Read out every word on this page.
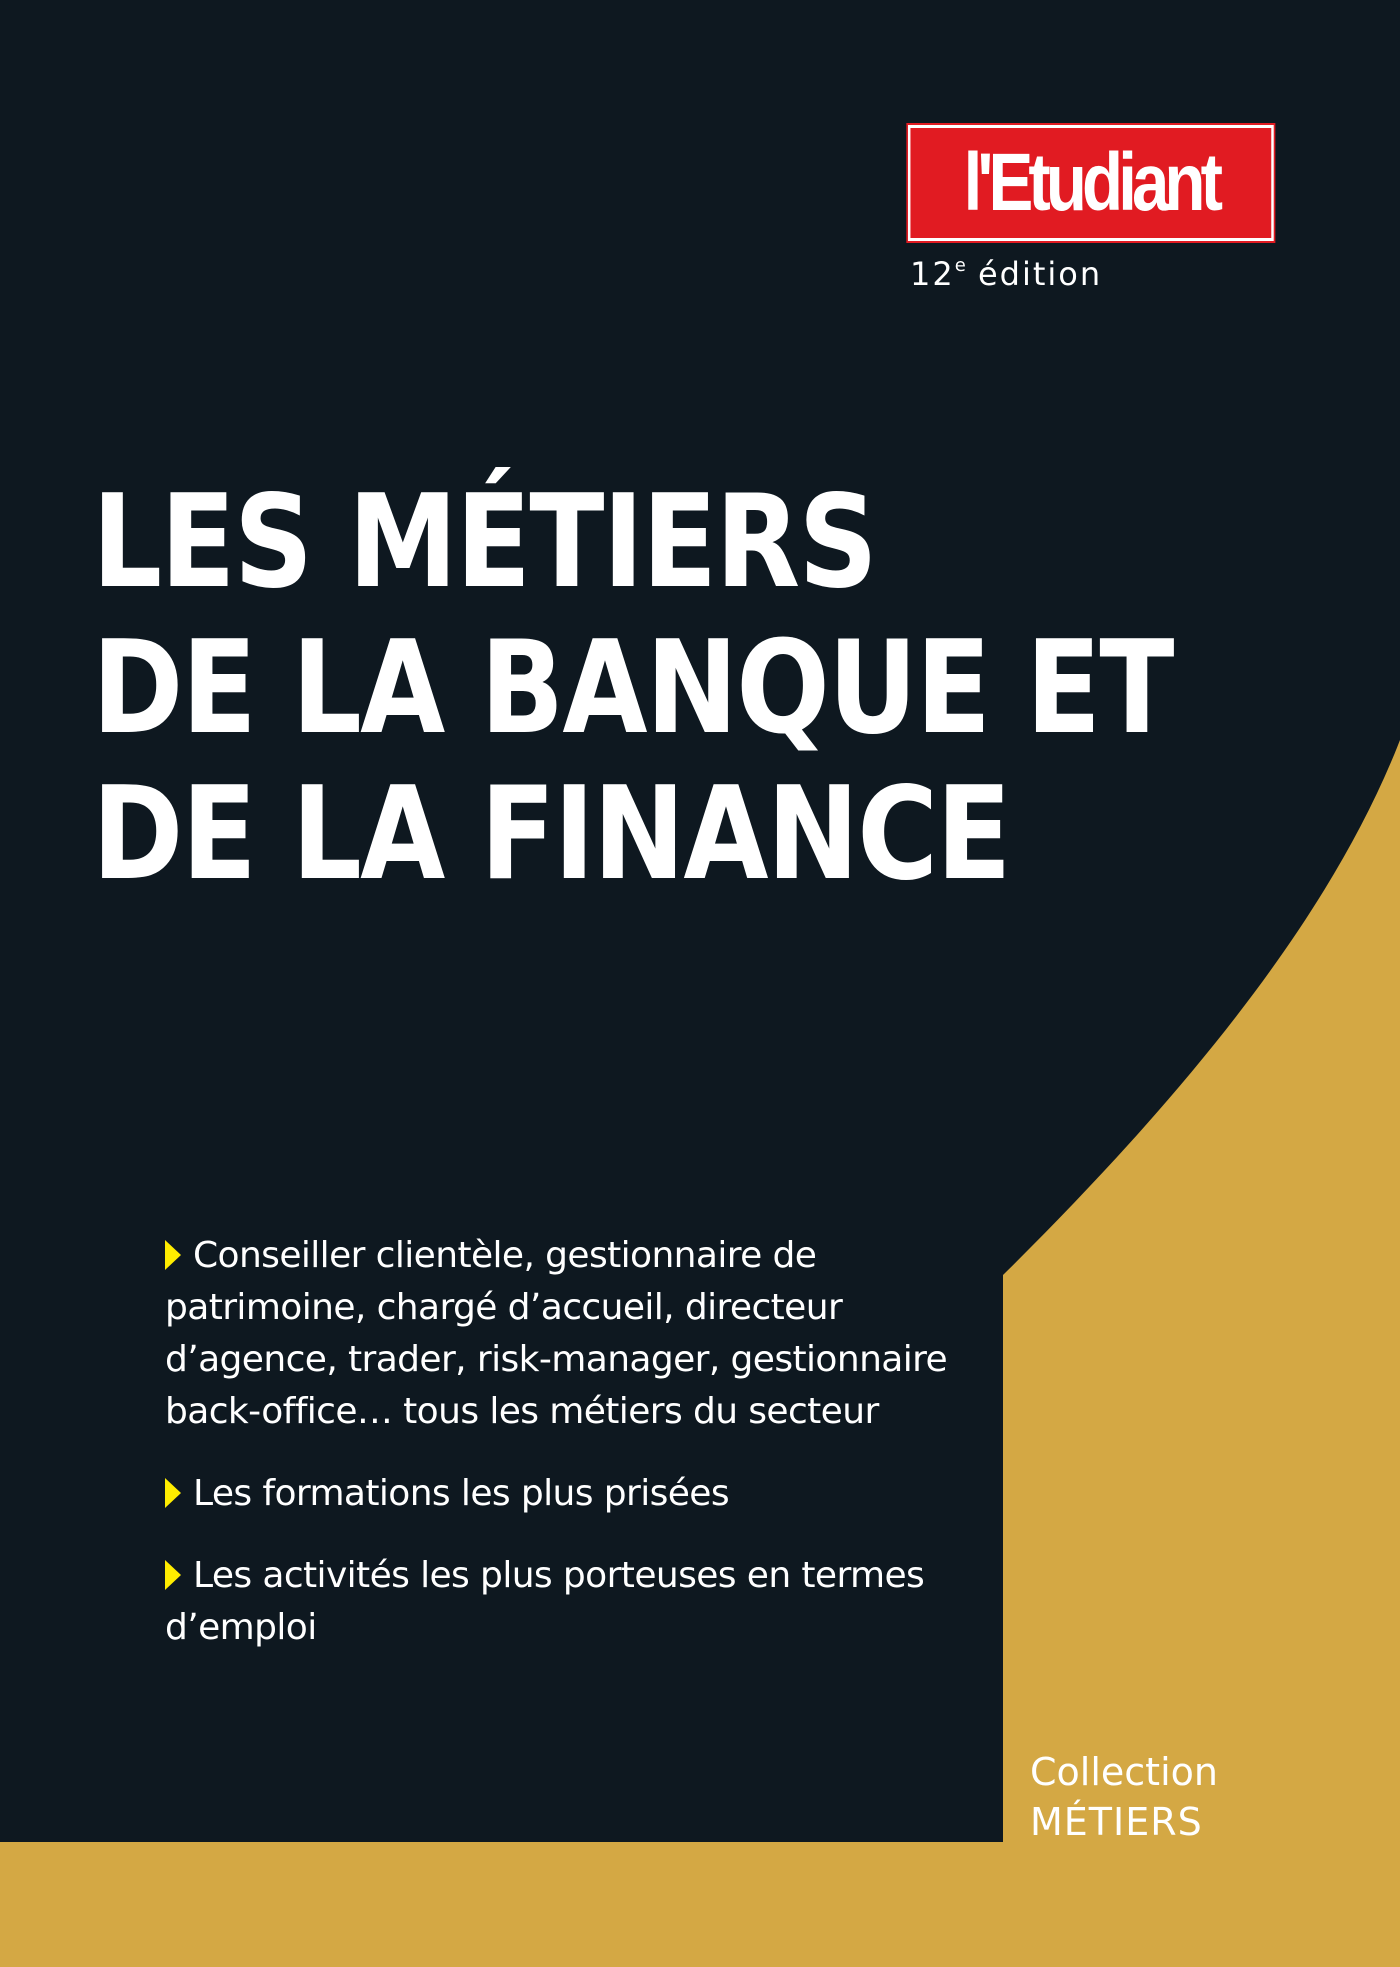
l'Etudiant
12e édition
LES MÉTIERS
DE LA BANQUE ET
DE LA FINANCE
Conseiller clientèle, gestionnaire de patrimoine, chargé d’accueil, directeur d’agence, trader, risk-manager, gestionnaire back-office… tous les métiers du secteur
Les formations les plus prisées
Les activités les plus porteuses en termes d’emploi
Collection
MÉTIERS
